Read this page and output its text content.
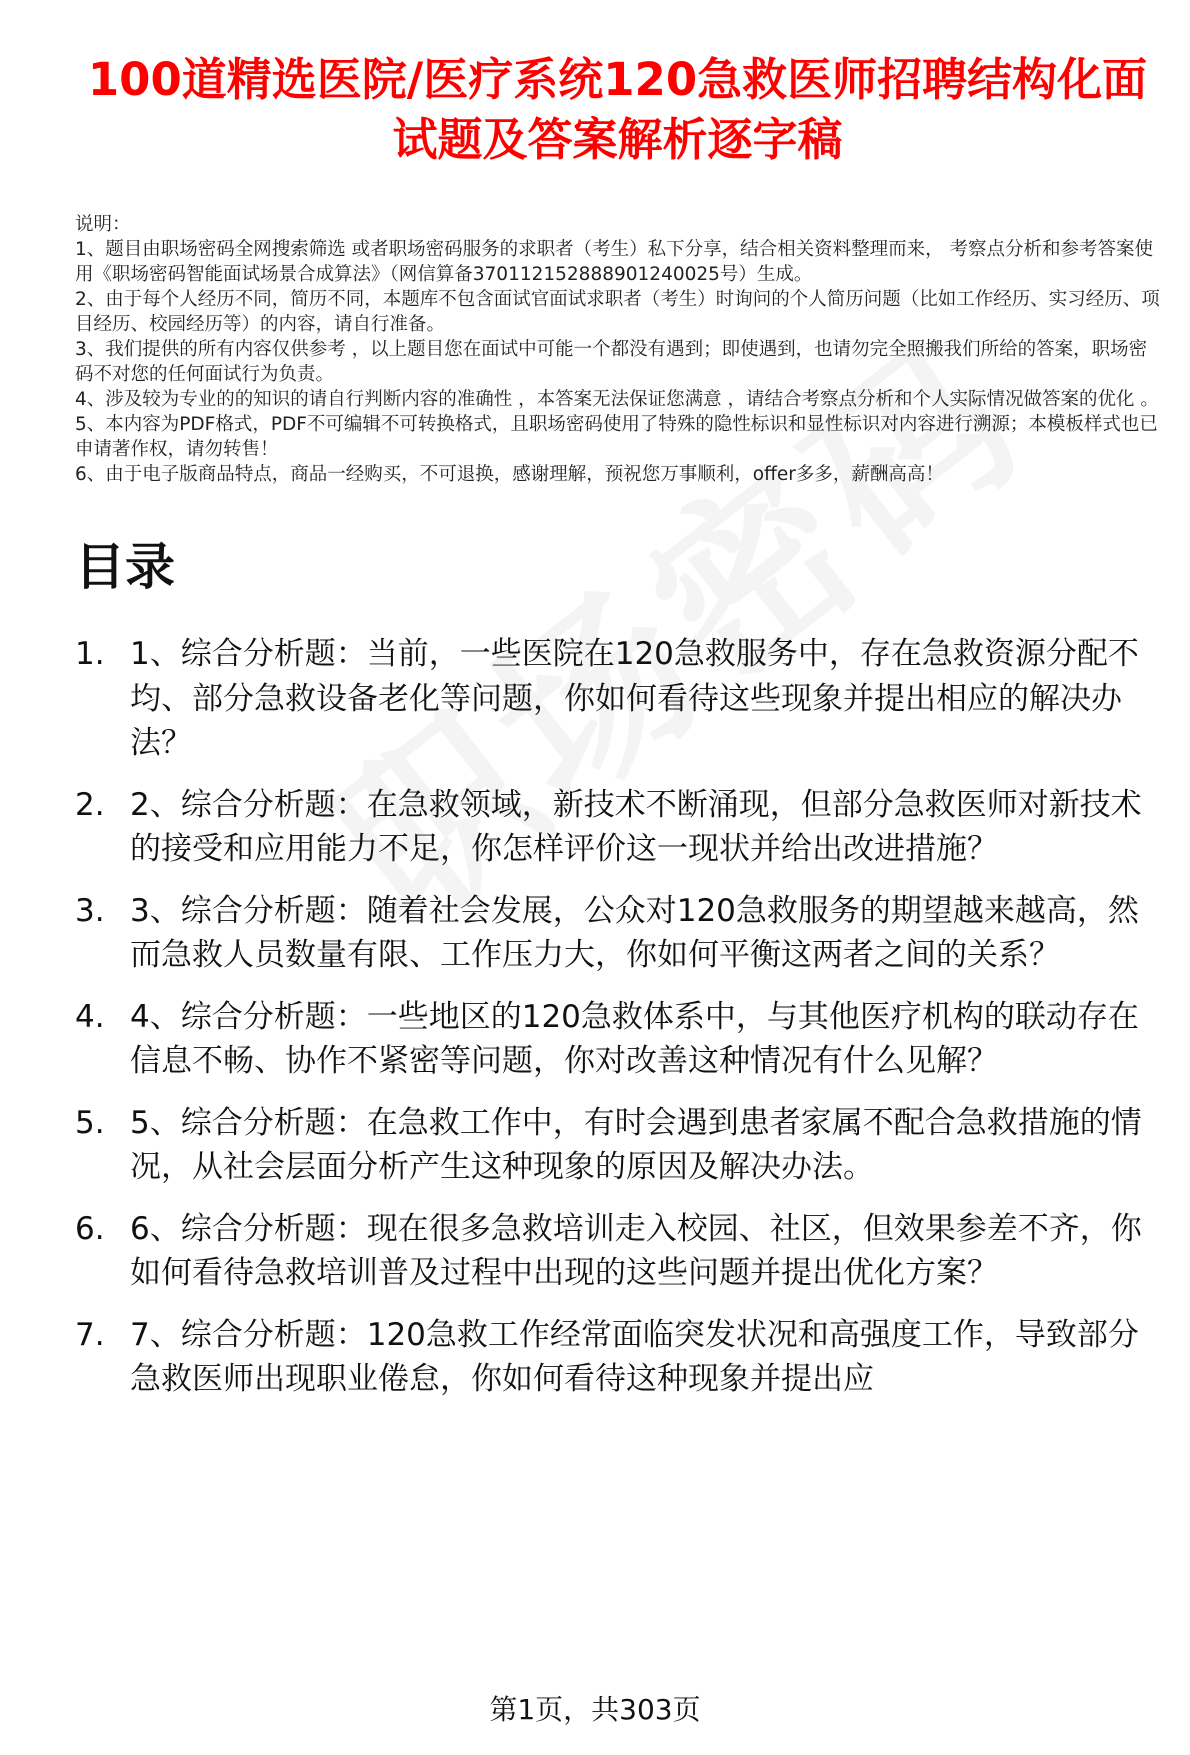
100道精选医院/医疗系统120急救医师招聘结构化面试题及答案解析逐字稿
说明：
1、题目由职场密码全网搜索筛选 或者职场密码服务的求职者（考生）私下分享，结合相关资料整理而来， 考察点分析和参考答案使用《职场密码智能面试场景合成算法》（网信算备370112152888901240025号）生成。
2、由于每个人经历不同，简历不同，本题库不包含面试官面试求职者（考生）时询问的个人简历问题（比如工作经历、实习经历、项目经历、校园经历等）的内容，请自行准备。
3、我们提供的所有内容仅供参考 ，以上题目您在面试中可能一个都没有遇到；即使遇到，也请勿完全照搬我们所给的答案，职场密码不对您的任何面试行为负责。
4、涉及较为专业的的知识的请自行判断内容的准确性 ，本答案无法保证您满意 ，请结合考察点分析和个人实际情况做答案的优化 。
5、本内容为PDF格式，PDF不可编辑不可转换格式，且职场密码使用了特殊的隐性标识和显性标识对内容进行溯源；本模板样式也已申请著作权，请勿转售！
6、由于电子版商品特点，商品一经购买，不可退换，感谢理解，预祝您万事顺利，offer多多，薪酬高高！
目录
1. 1、综合分析题：当前，一些医院在120急救服务中，存在急救资源分配不均、部分急救设备老化等问题，你如何看待这些现象并提出相应的解决办法？
2. 2、综合分析题：在急救领域，新技术不断涌现，但部分急救医师对新技术的接受和应用能力不足，你怎样评价这一现状并给出改进措施？
3. 3、综合分析题：随着社会发展，公众对120急救服务的期望越来越高，然而急救人员数量有限、工作压力大，你如何平衡这两者之间的关系？
4. 4、综合分析题：一些地区的120急救体系中，与其他医疗机构的联动存在信息不畅、协作不紧密等问题，你对改善这种情况有什么见解？
5. 5、综合分析题：在急救工作中，有时会遇到患者家属不配合急救措施的情况，从社会层面分析产生这种现象的原因及解决办法。
6. 6、综合分析题：现在很多急救培训走入校园、社区，但效果参差不齐，你如何看待急救培训普及过程中出现的这些问题并提出优化方案？
7. 7、综合分析题：120急救工作经常面临突发状况和高强度工作，导致部分急救医师出现职业倦怠，你如何看待这种现象并提出应
第1页，共303页
